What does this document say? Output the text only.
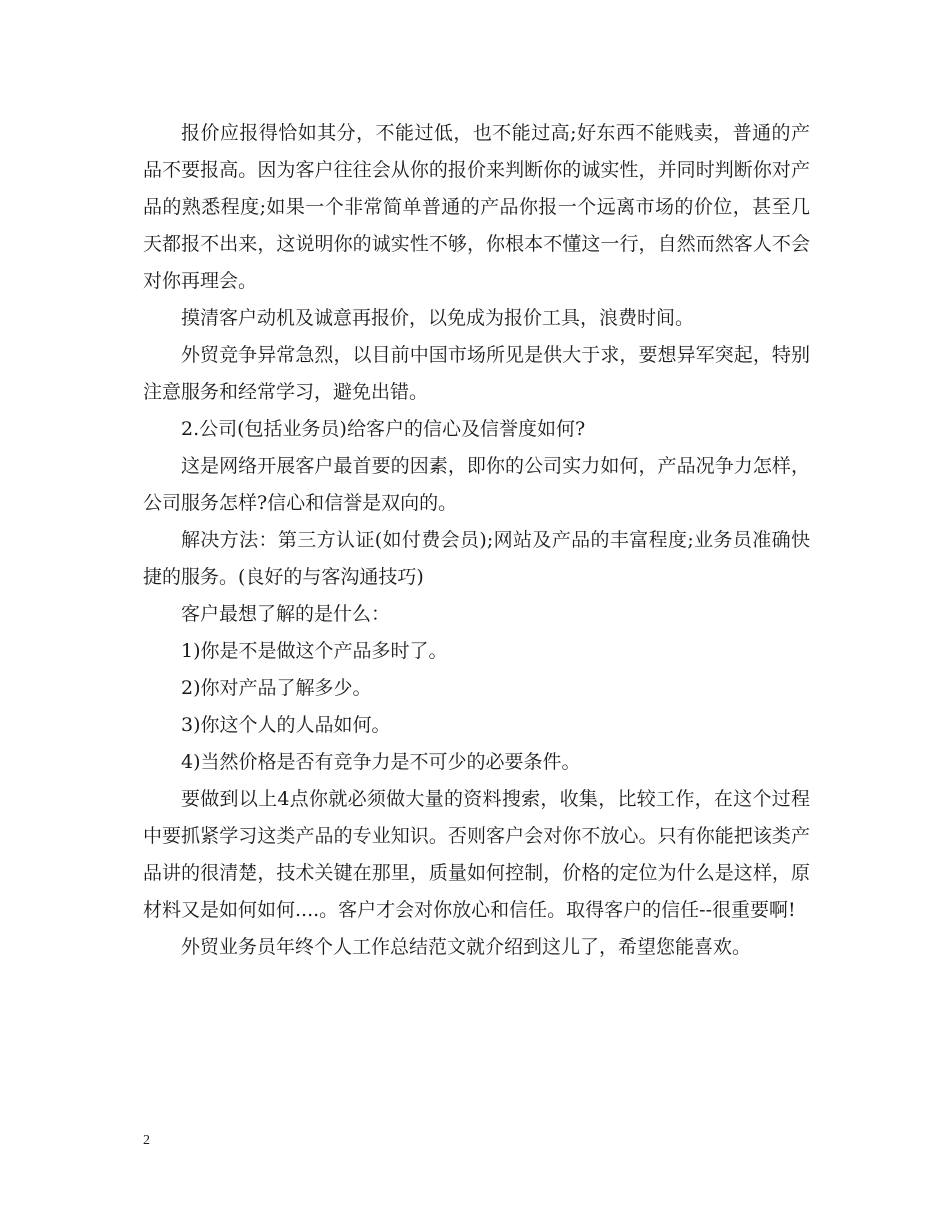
报价应报得恰如其分，不能过低，也不能过高;好东西不能贱卖，普通的产品不要报高。因为客户往往会从你的报价来判断你的诚实性，并同时判断你对产品的熟悉程度;如果一个非常简单普通的产品你报一个远离市场的价位，甚至几天都报不出来，这说明你的诚实性不够，你根本不懂这一行，自然而然客人不会对你再理会。

摸清客户动机及诚意再报价，以免成为报价工具，浪费时间。

外贸竞争异常急烈，以目前中国市场所见是供大于求，要想异军突起，特别注意服务和经常学习，避免出错。

2.公司(包括业务员)给客户的信心及信誉度如何?

这是网络开展客户最首要的因素，即你的公司实力如何，产品况争力怎样，公司服务怎样?信心和信誉是双向的。

解决方法：第三方认证(如付费会员);网站及产品的丰富程度;业务员准确快捷的服务。(良好的与客沟通技巧)

客户最想了解的是什么：

1)你是不是做这个产品多时了。

2)你对产品了解多少。

3)你这个人的人品如何。

4)当然价格是否有竞争力是不可少的必要条件。

要做到以上4点你就必须做大量的资料搜索，收集，比较工作，在这个过程中要抓紧学习这类产品的专业知识。否则客户会对你不放心。只有你能把该类产品讲的很清楚，技术关键在那里，质量如何控制，价格的定位为什么是这样，原材料又是如何如何....。客户才会对你放心和信任。取得客户的信任--很重要啊!

外贸业务员年终个人工作总结范文就介绍到这儿了，希望您能喜欢。

2
